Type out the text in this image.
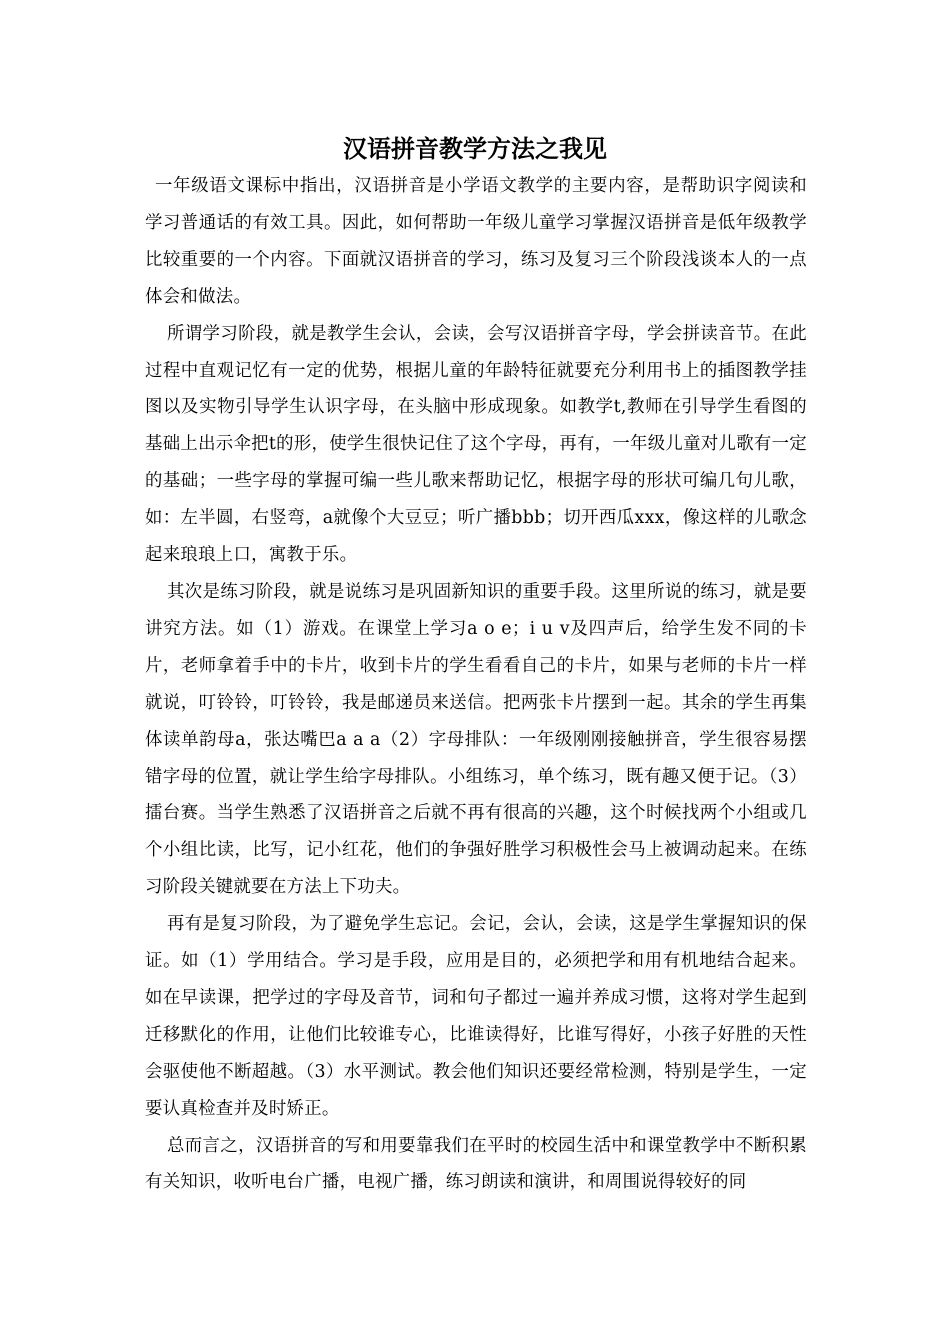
汉语拼音教学方法之我见

一年级语文课标中指出，汉语拼音是小学语文教学的主要内容，是帮助识字阅读和学习普通话的有效工具。因此，如何帮助一年级儿童学习掌握汉语拼音是低年级教学比较重要的一个内容。下面就汉语拼音的学习，练习及复习三个阶段浅谈本人的一点体会和做法。

所谓学习阶段，就是教学生会认，会读，会写汉语拼音字母，学会拼读音节。在此过程中直观记忆有一定的优势，根据儿童的年龄特征就要充分利用书上的插图教学挂图以及实物引导学生认识字母，在头脑中形成现象。如教学t,教师在引导学生看图的基础上出示伞把t的形，使学生很快记住了这个字母，再有，一年级儿童对儿歌有一定的基础；一些字母的掌握可编一些儿歌来帮助记忆，根据字母的形状可编几句儿歌，如：左半圆，右竖弯，a就像个大豆豆；听广播bbb；切开西瓜xxx，像这样的儿歌念起来琅琅上口，寓教于乐。

其次是练习阶段，就是说练习是巩固新知识的重要手段。这里所说的练习，就是要讲究方法。如（1）游戏。在课堂上学习a o e；i u v及四声后，给学生发不同的卡片，老师拿着手中的卡片，收到卡片的学生看看自己的卡片，如果与老师的卡片一样就说，叮铃铃，叮铃铃，我是邮递员来送信。把两张卡片摆到一起。其余的学生再集体读单韵母a，张达嘴巴a a a（2）字母排队：一年级刚刚接触拼音，学生很容易摆错字母的位置，就让学生给字母排队。小组练习，单个练习，既有趣又便于记。（3）擂台赛。当学生熟悉了汉语拼音之后就不再有很高的兴趣，这个时候找两个小组或几个小组比读，比写，记小红花，他们的争强好胜学习积极性会马上被调动起来。在练习阶段关键就要在方法上下功夫。

再有是复习阶段，为了避免学生忘记。会记，会认，会读，这是学生掌握知识的保证。如（1）学用结合。学习是手段，应用是目的，必须把学和用有机地结合起来。如在早读课，把学过的字母及音节，词和句子都过一遍并养成习惯，这将对学生起到迁移默化的作用，让他们比较谁专心，比谁读得好，比谁写得好，小孩子好胜的天性会驱使他不断超越。（3）水平测试。教会他们知识还要经常检测，特别是学生，一定要认真检查并及时矫正。

总而言之，汉语拼音的写和用要靠我们在平时的校园生活中和课堂教学中不断积累有关知识，收听电台广播，电视广播，练习朗读和演讲，和周围说得较好的同
